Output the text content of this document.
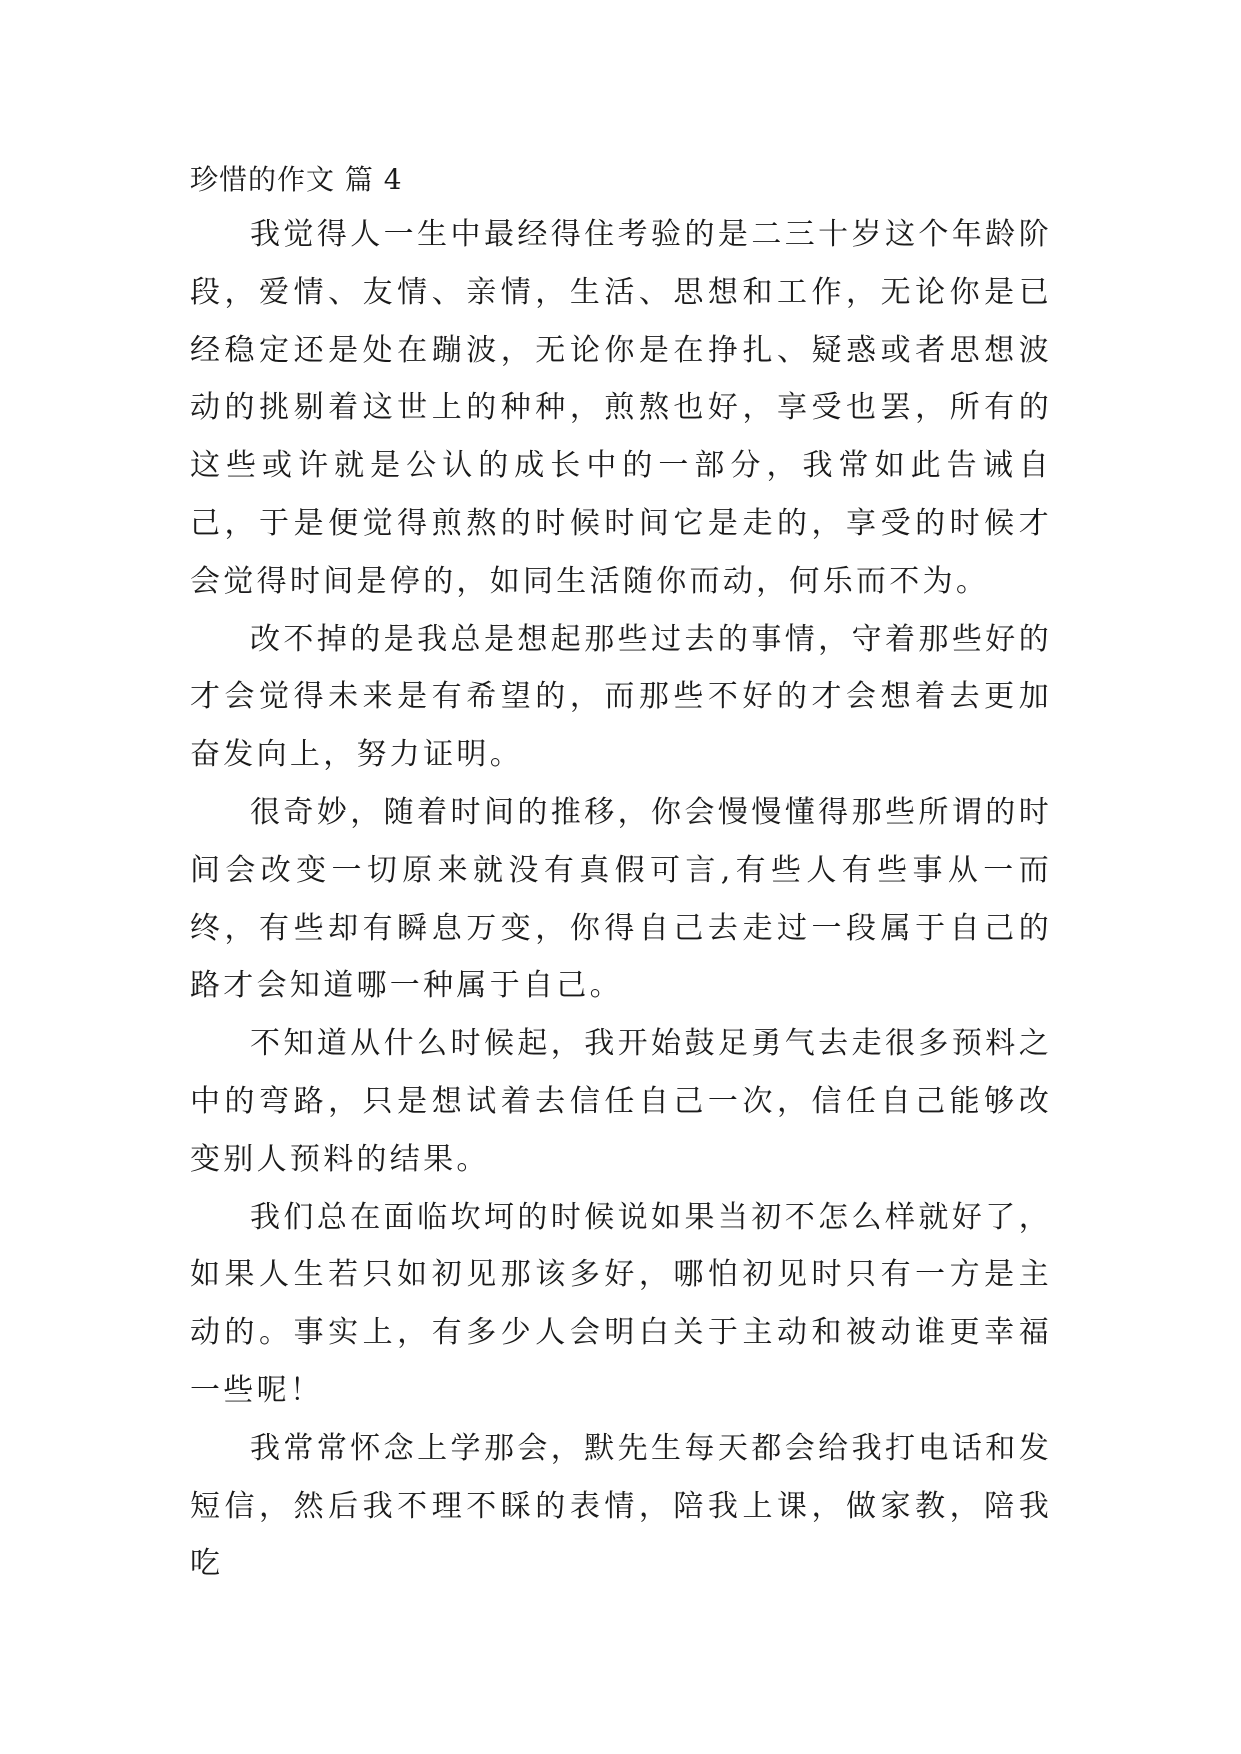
珍惜的作文 篇 4

我觉得人一生中最经得住考验的是二三十岁这个年龄阶段，爱情、友情、亲情，生活、思想和工作，无论你是已经稳定还是处在蹦波，无论你是在挣扎、疑惑或者思想波动的挑剔着这世上的种种，煎熬也好，享受也罢，所有的这些或许就是公认的成长中的一部分，我常如此告诫自己，于是便觉得煎熬的时候时间它是走的，享受的时候才会觉得时间是停的，如同生活随你而动，何乐而不为。

改不掉的是我总是想起那些过去的事情，守着那些好的才会觉得未来是有希望的，而那些不好的才会想着去更加奋发向上，努力证明。

很奇妙，随着时间的推移，你会慢慢懂得那些所谓的时间会改变一切原来就没有真假可言,有些人有些事从一而终，有些却有瞬息万变，你得自己去走过一段属于自己的路才会知道哪一种属于自己。

不知道从什么时候起，我开始鼓足勇气去走很多预料之中的弯路，只是想试着去信任自己一次，信任自己能够改变别人预料的结果。

我们总在面临坎坷的时候说如果当初不怎么样就好了，如果人生若只如初见那该多好，哪怕初见时只有一方是主动的。事实上，有多少人会明白关于主动和被动谁更幸福一些呢！

我常常怀念上学那会，默先生每天都会给我打电话和发短信，然后我不理不睬的表情，陪我上课，做家教，陪我吃
